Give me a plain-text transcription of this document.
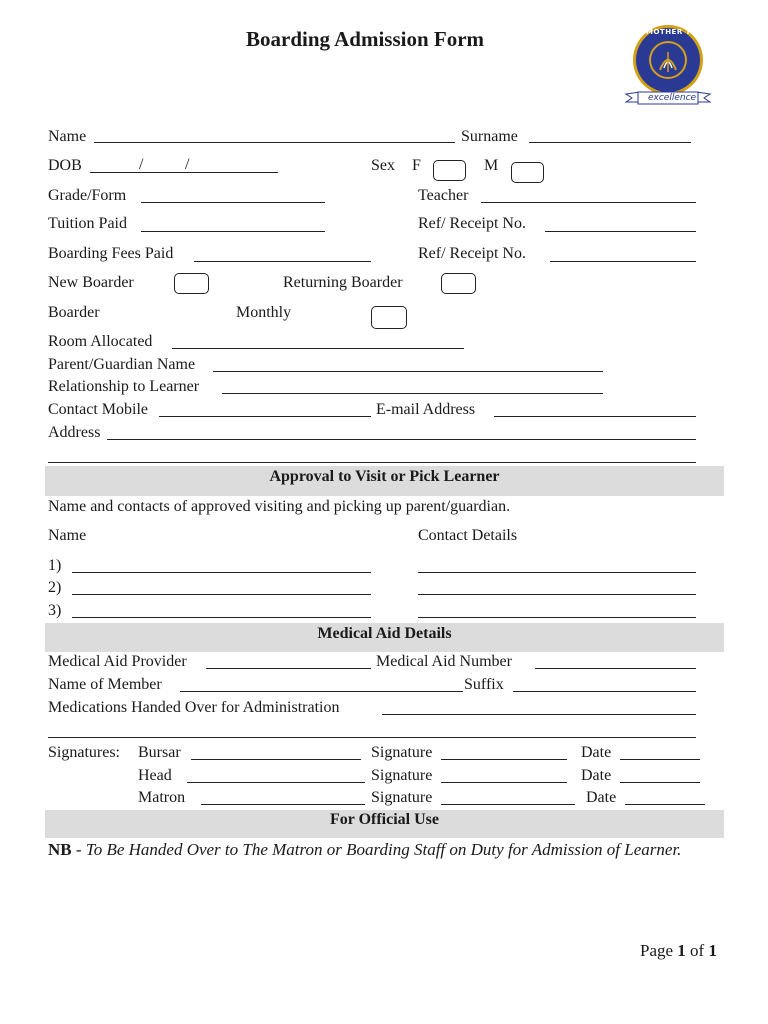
Boarding Admission Form	MOTHER TOUCH
excellence
Name	Surname
DOB	/	/	Sex F	M
Grade/Form	Teacher
Tuition Paid	Ref/ Receipt No.
Boarding Fees Paid	Ref/ Receipt No.
New Boarder	Returning Boarder
Boarder	Monthly
Room Allocated
Parent/Guardian Name
Relationship to Learner
Contact Mobile	E-mail Address
Address
Approval to Visit or Pick Learner
Name and contacts of approved visiting and picking up parent/guardian.
Name	Contact Details
1)
2)
3)
Medical Aid Details
Medical Aid Provider	Medical Aid Number
Name of Member	Suffix
Medications Handed Over for Administration
Signatures: Bursar	Signature	Date
Head	Signature	Date
Matron	Signature	Date
For Official Use
NB - To Be Handed Over to The Matron or Boarding Staff on Duty for Admission of Learner.
Page 1 of 1
